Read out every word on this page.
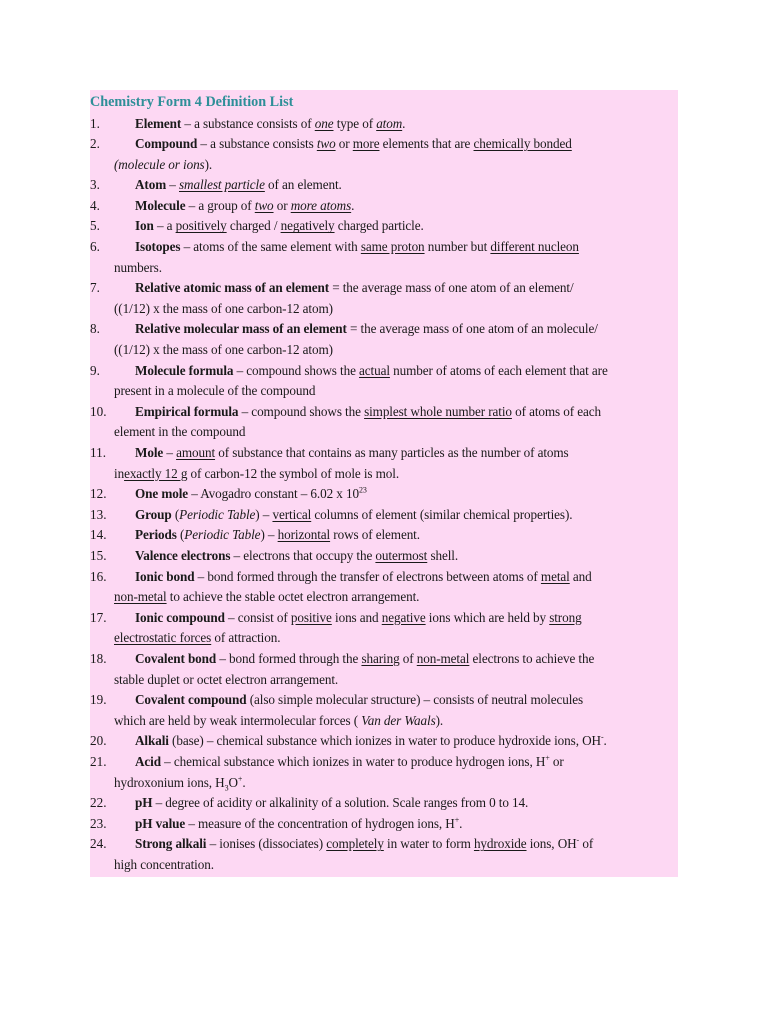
Chemistry Form 4 Definition List
1.	Element – a substance consists of one type of atom.
2.	Compound – a substance consists two or more elements that are chemically bonded
(molecule or ions).
3.	Atom – smallest particle of an element.
4.	Molecule – a group of two or more atoms.
5.	Ion – a positively charged / negatively charged particle.
6.	Isotopes – atoms of the same element with same proton number but different nucleon
numbers.
7.	Relative atomic mass of an element = the average mass of one atom of an element/
((1/12) x the mass of one carbon-12 atom)
8.	Relative molecular mass of an element = the average mass of one atom of an molecule/
((1/12) x the mass of one carbon-12 atom)
9.	Molecule formula – compound shows the actual number of atoms of each element that are
present in a molecule of the compound
10.	Empirical formula – compound shows the simplest whole number ratio of atoms of each
element in the compound
11.	Mole – amount of substance that contains as many particles as the number of atoms
inexactly 12 g of carbon-12 the symbol of mole is mol.
12.	One mole – Avogadro constant – 6.02 x $10^{23}$
13.	Group (Periodic Table) – vertical columns of element (similar chemical properties).
14.	Periods (Periodic Table) – horizontal rows of element.
15.	Valence electrons – electrons that occupy the outermost shell.
16.	Ionic bond – bond formed through the transfer of electrons between atoms of metal and
non-metal to achieve the stable octet electron arrangement.
17.	Ionic compound – consist of positive ions and negative ions which are held by strong
electrostatic forces of attraction.
18.	Covalent bond – bond formed through the sharing of non-metal electrons to achieve the
stable duplet or octet electron arrangement.
19.	Covalent compound (also simple molecular structure) – consists of neutral molecules
which are held by weak intermolecular forces ( Van der Waals).
20.	Alkali (base) – chemical substance which ionizes in water to produce hydroxide ions, OH-.
21.	Acid – chemical substance which ionizes in water to produce hydrogen ions, H+ or
hydroxonium ions, $H_3O^+$.
22.	pH – degree of acidity or alkalinity of a solution. Scale ranges from 0 to 14.
23.	pH value – measure of the concentration of hydrogen ions, H+.
24.	Strong alkali – ionises (dissociates) completely in water to form hydroxide ions, OH- of
high concentration.
